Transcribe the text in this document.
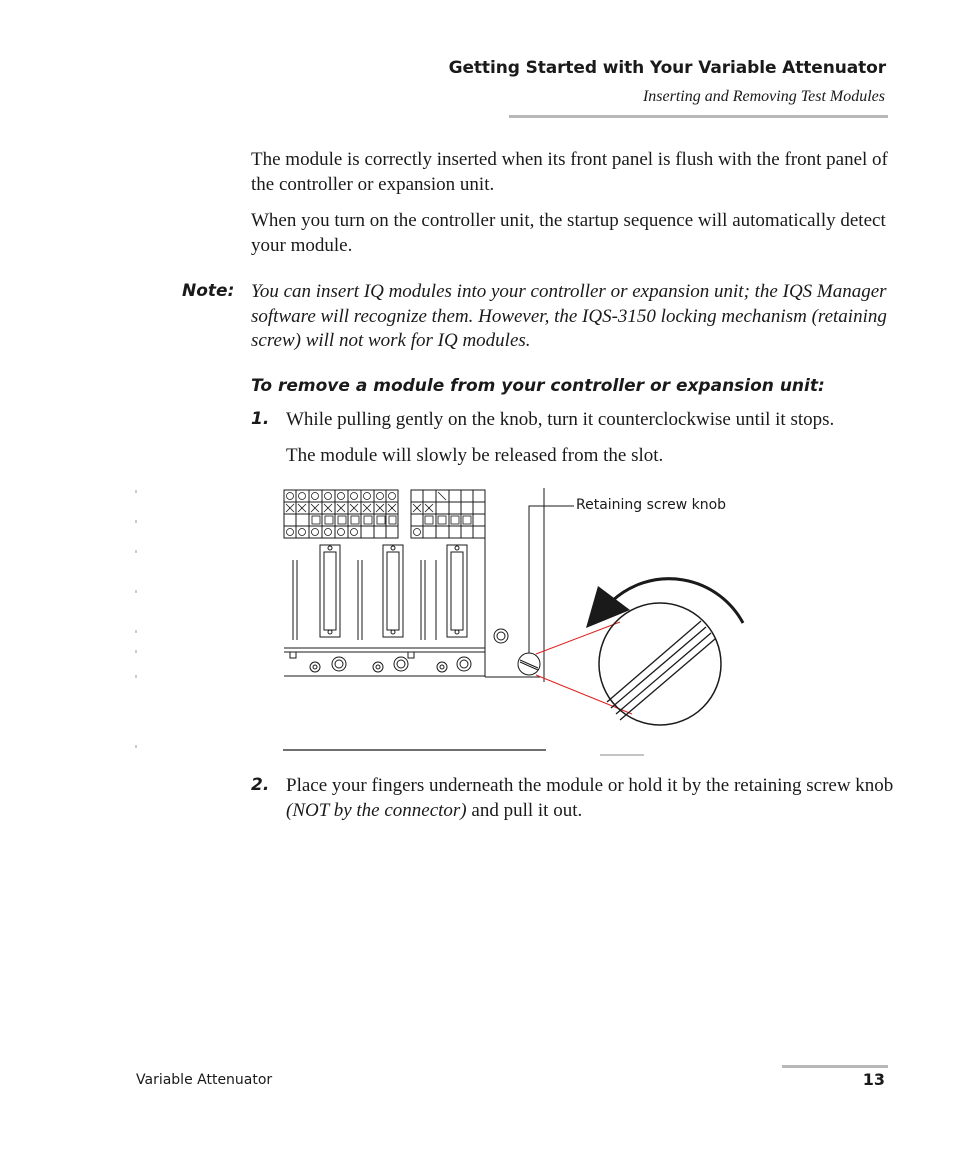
Getting Started with Your Variable Attenuator
Inserting and Removing Test Modules

The module is correctly inserted when its front panel is flush with the front panel of the controller or expansion unit.

When you turn on the controller unit, the startup sequence will automatically detect your module.

Note: You can insert IQ modules into your controller or expansion unit; the IQS Manager software will recognize them. However, the IQS-3150 locking mechanism (retaining screw) will not work for IQ modules.

To remove a module from your controller or expansion unit:
1. While pulling gently on the knob, turn it counterclockwise until it stops.

The module will slowly be released from the slot.

Retaining screw knob
2. Place your fingers underneath the module or hold it by the retaining screw knob (NOT by the connector) and pull it out.

Variable Attenuator	13
